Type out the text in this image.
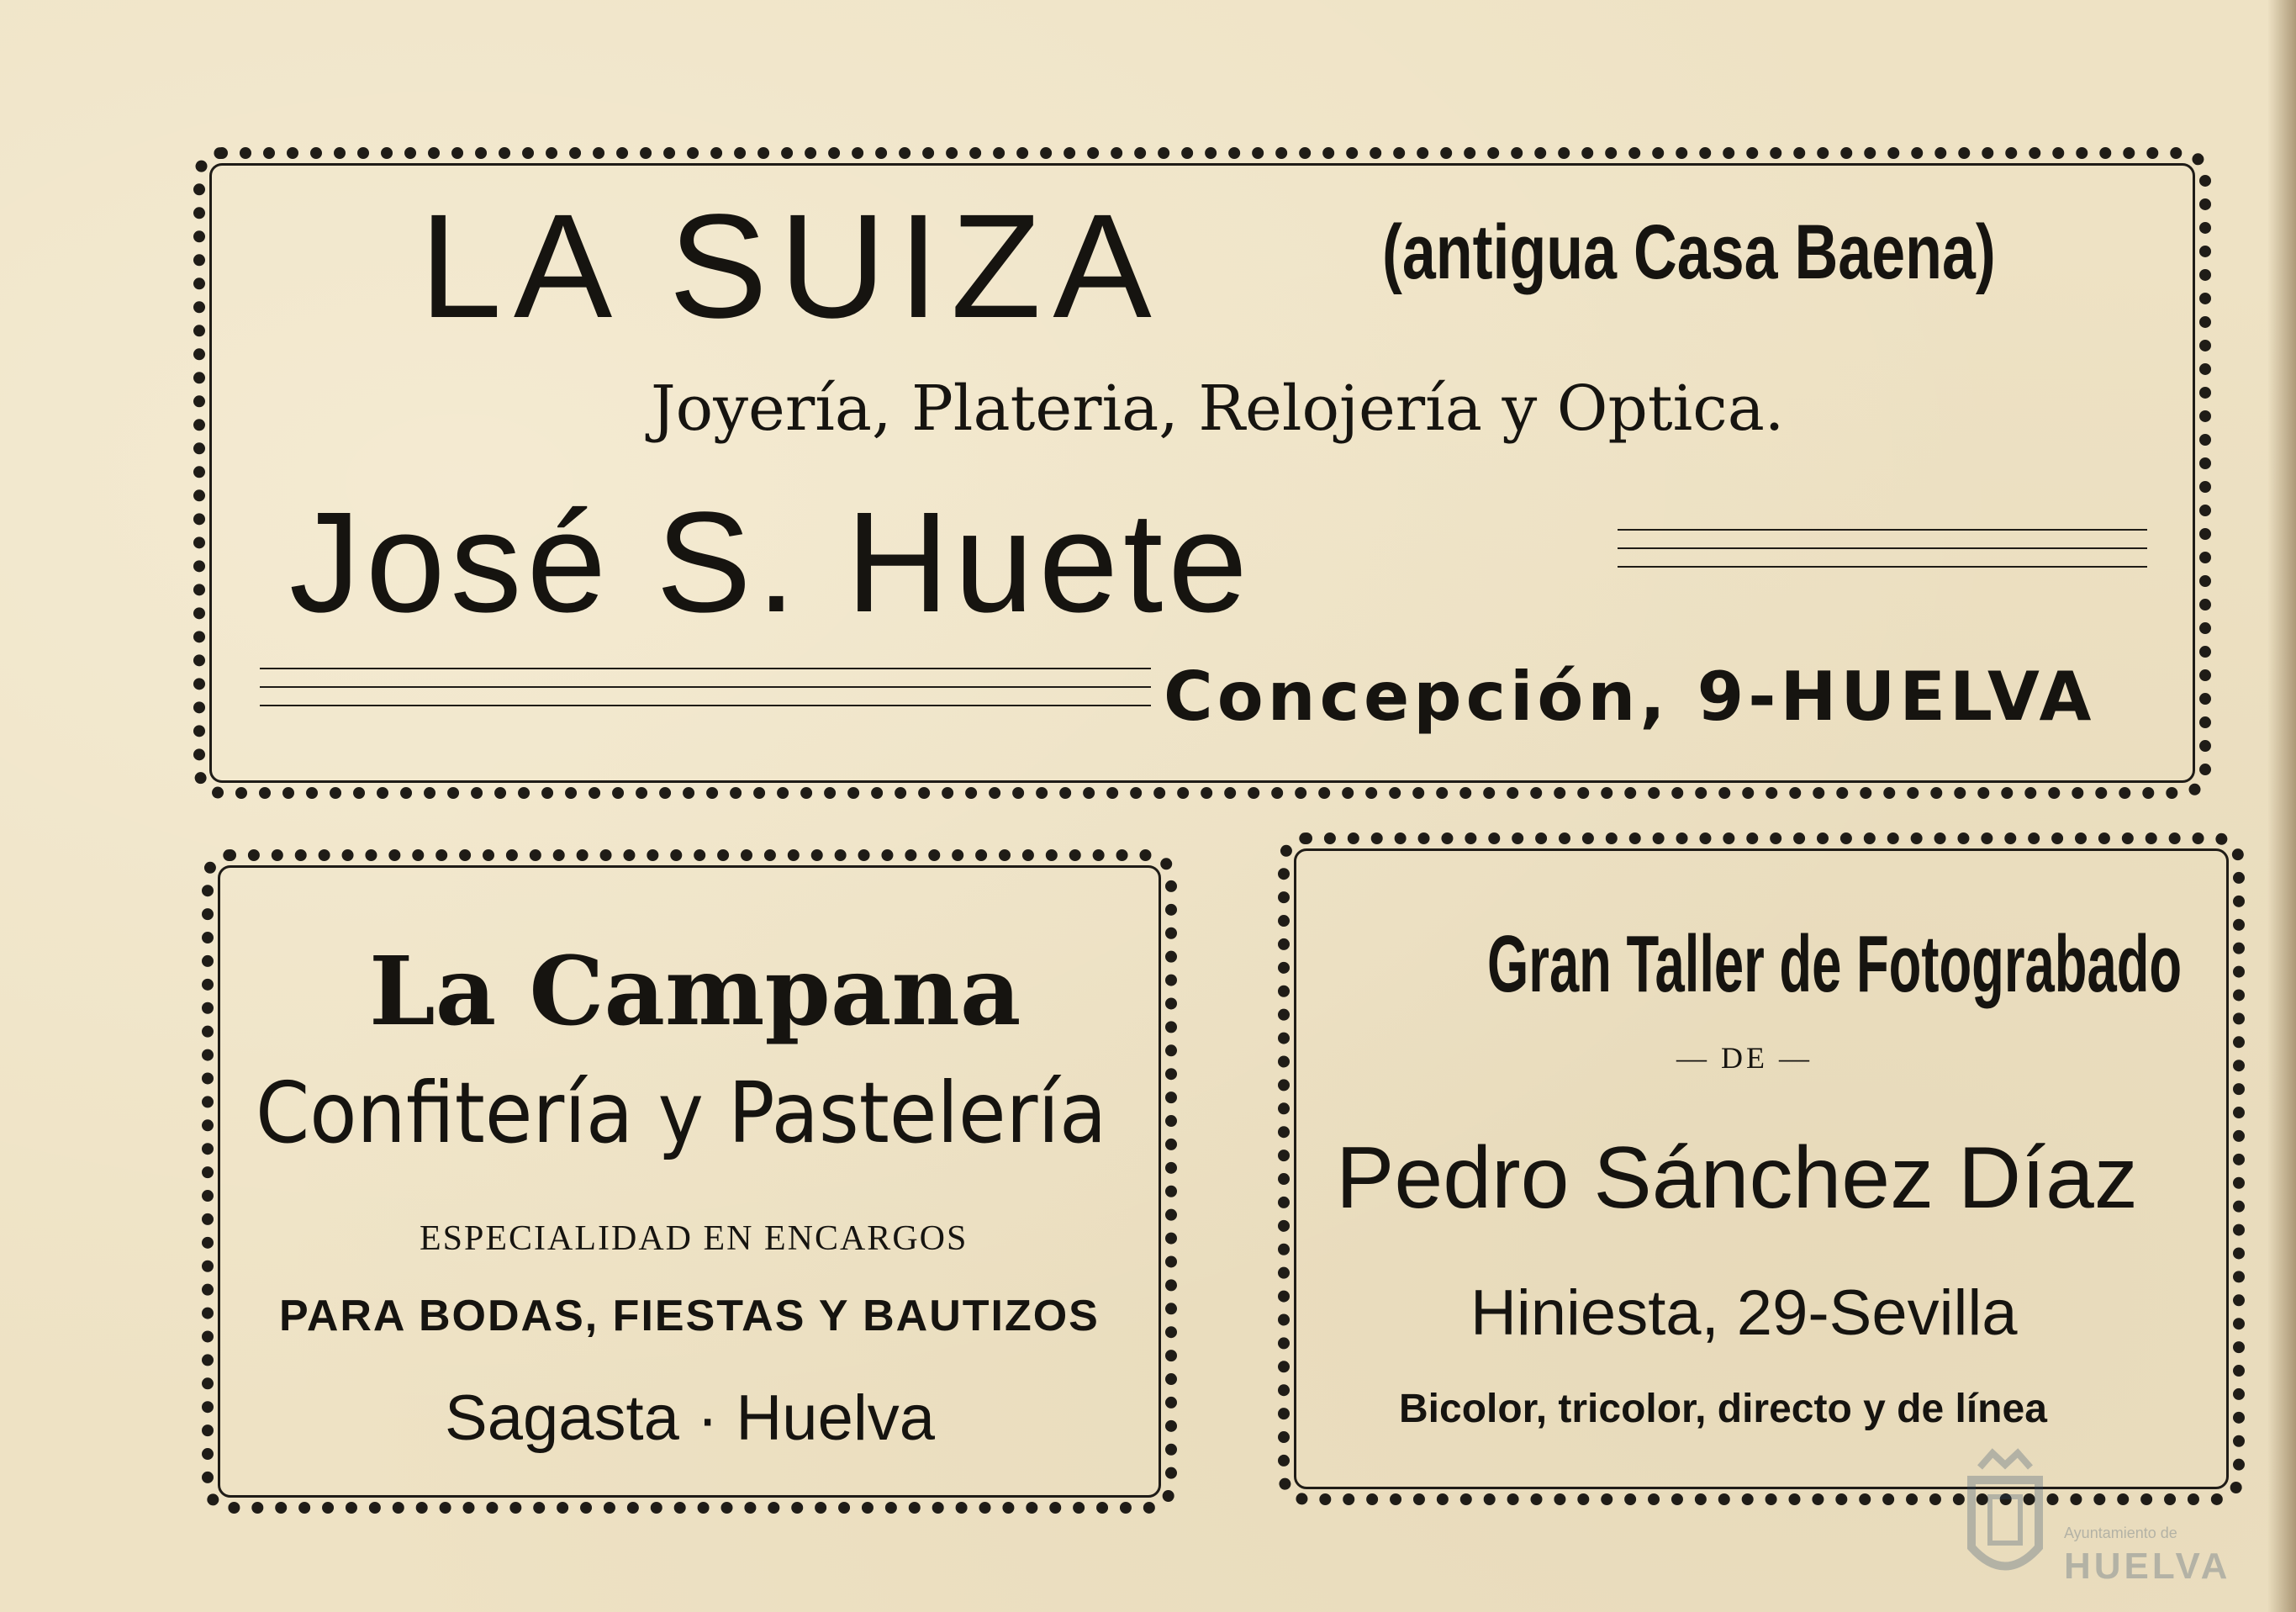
LA SUIZA	(antigua Casa Baena)
Joyería, Plateria, Relojería y Optica.
José S. Huete
Concepción, 9-HUELVA
La Campana
Confitería y Pastelería
ESPECIALIDAD EN ENCARGOS
PARA BODAS, FIESTAS Y BAUTIZOS
Sagasta · Huelva
Gran Taller de Fotograbado
— DE —
Pedro Sánchez Díaz
Hiniesta, 29-Sevilla
Bicolor, tricolor, directo y de línea
Ayuntamiento de
HUELVA
